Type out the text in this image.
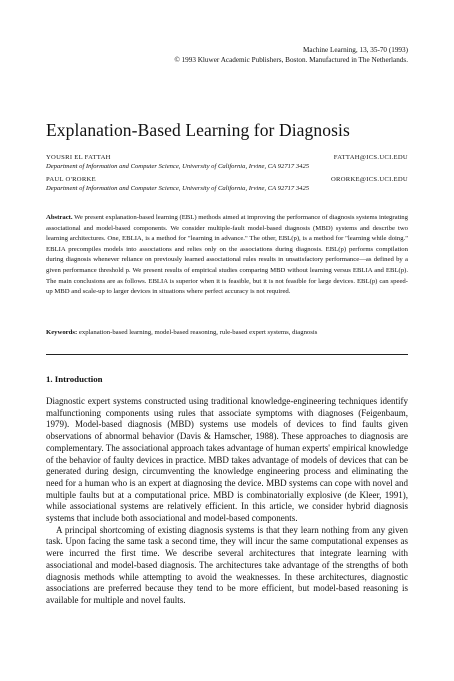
Machine Learning, 13, 35-70 (1993)
© 1993 Kluwer Academic Publishers, Boston. Manufactured in The Netherlands.
Explanation-Based Learning for Diagnosis
YOUSRI EL FATTAH	FATTAH@ICS.UCI.EDU
Department of Information and Computer Science, University of California, Irvine, CA 92717 3425
PAUL O'RORKE	ORORKE@ICS.UCI.EDU
Department of Information and Computer Science, University of California, Irvine, CA 92717 3425
Abstract. We present explanation-based learning (EBL) methods aimed at improving the performance of diagnosis systems integrating associational and model-based components. We consider multiple-fault model-based diagnosis (MBD) systems and describe two learning architectures. One, EBLIA, is a method for "learning in advance." The other, EBL(p), is a method for "learning while doing." EBLIA precompiles models into associations and relies only on the associations during diagnosis. EBL(p) performs compilation during diagnosis whenever reliance on previously learned associational rules results in unsatisfactory performance—as defined by a given performance threshold p. We present results of empirical studies comparing MBD without learning versus EBLIA and EBL(p). The main conclusions are as follows. EBLIA is superior when it is feasible, but it is not feasible for large devices. EBL(p) can speed-up MBD and scale-up to larger devices in situations where perfect accuracy is not required.
Keywords: explanation-based learning, model-based reasoning, rule-based expert systems, diagnosis
1. Introduction

Diagnostic expert systems constructed using traditional knowledge-engineering techniques identify malfunctioning components using rules that associate symptoms with diagnoses (Feigenbaum, 1979). Model-based diagnosis (MBD) systems use models of devices to find faults given observations of abnormal behavior (Davis & Hamscher, 1988). These approaches to diagnosis are complementary. The associational approach takes advantage of human experts' empirical knowledge of the behavior of faulty devices in practice. MBD takes advantage of models of devices that can be generated during design, circumventing the knowledge engineering process and eliminating the need for a human who is an expert at diagnosing the device. MBD systems can cope with novel and multiple faults but at a computational price. MBD is combinatorially explosive (de Kleer, 1991), while associational systems are relatively efficient. In this article, we consider hybrid diagnosis systems that include both associational and model-based components.

A principal shortcoming of existing diagnosis systems is that they learn nothing from any given task. Upon facing the same task a second time, they will incur the same computational expenses as were incurred the first time. We describe several architectures that integrate learning with associational and model-based diagnosis. The architectures take advantage of the strengths of both diagnosis methods while attempting to avoid the weaknesses. In these architectures, diagnostic associations are preferred because they tend to be more efficient, but model-based reasoning is available for multiple and novel faults.
